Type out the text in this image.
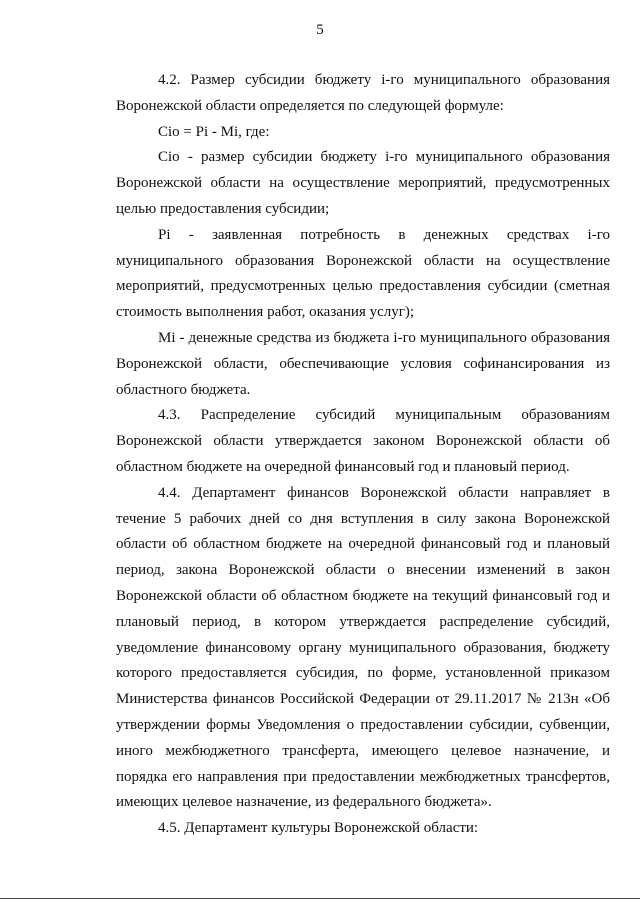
5

4.2. Размер субсидии бюджету i-го муниципального образования Воронежской области определяется по следующей формуле:

Ciо = Pi - Mi, где:

Ciо - размер субсидии бюджету i-го муниципального образования Воронежской области на осуществление мероприятий, предусмотренных целью предоставления субсидии;

Pi - заявленная потребность в денежных средствах i-го муниципального образования Воронежской области на осуществление мероприятий, предусмотренных целью предоставления субсидии (сметная стоимость выполнения работ, оказания услуг);

Mi - денежные средства из бюджета i-го муниципального образования Воронежской области, обеспечивающие условия софинансирования из областного бюджета.

4.3. Распределение субсидий муниципальным образованиям Воронежской области утверждается законом Воронежской области об областном бюджете на очередной финансовый год и плановый период.

4.4. Департамент финансов Воронежской области направляет в течение 5 рабочих дней со дня вступления в силу закона Воронежской области об областном бюджете на очередной финансовый год и плановый период, закона Воронежской области о внесении изменений в закон Воронежской области об областном бюджете на текущий финансовый год и плановый период, в котором утверждается распределение субсидий, уведомление финансовому органу муниципального образования, бюджету которого предоставляется субсидия, по форме, установленной приказом Министерства финансов Российской Федерации от 29.11.2017 № 213н «Об утверждении формы Уведомления о предоставлении субсидии, субвенции, иного межбюджетного трансферта, имеющего целевое назначение, и порядка его направления при предоставлении межбюджетных трансфертов, имеющих целевое назначение, из федерального бюджета».

4.5. Департамент культуры Воронежской области:
